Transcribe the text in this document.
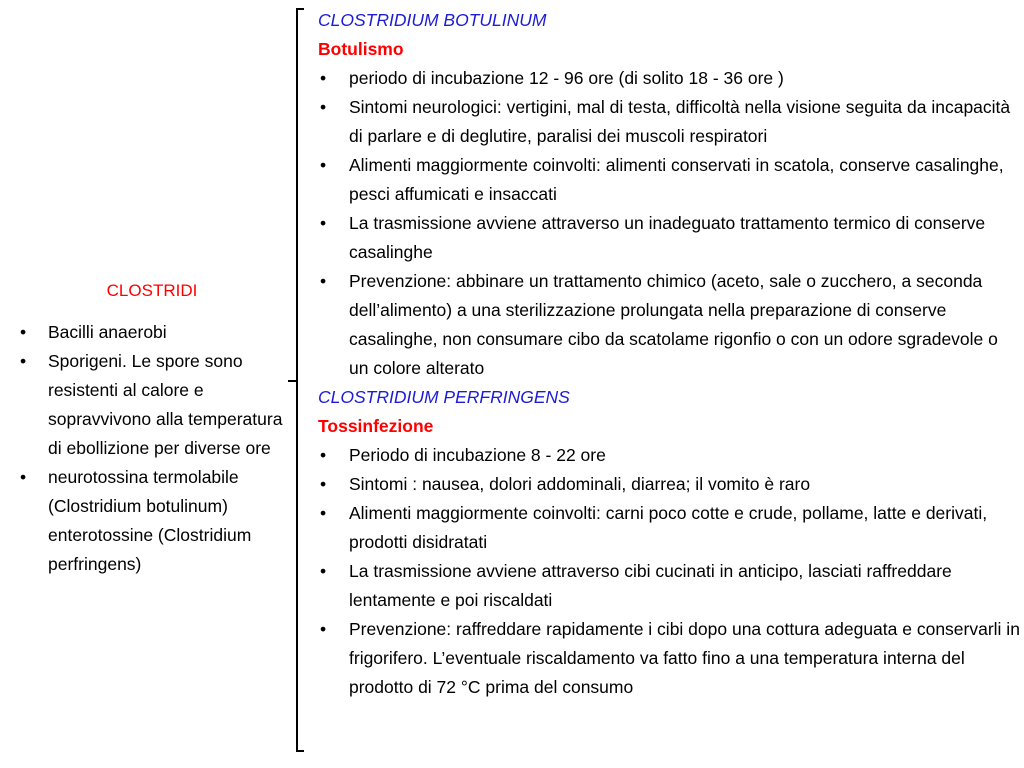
CLOSTRIDI

• Bacilli anaerobi
• Sporigeni. Le spore sono resistenti al calore e sopravvivono alla temperatura di ebollizione per diverse ore
• neurotossina termolabile (Clostridium botulinum) enterotossine (Clostridium perfringens)

CLOSTRIDIUM BOTULINUM

Botulismo

• periodo di incubazione 12 - 96 ore (di solito 18 - 36 ore )
• Sintomi neurologici: vertigini, mal di testa, difficoltà nella visione seguita da incapacità di parlare e di deglutire, paralisi dei muscoli respiratori
• Alimenti maggiormente coinvolti: alimenti conservati in scatola, conserve casalinghe, pesci affumicati e insaccati
• La trasmissione avviene attraverso un inadeguato trattamento termico di conserve casalinghe
• Prevenzione: abbinare un trattamento chimico (aceto, sale o zucchero, a seconda dell’alimento) a una sterilizzazione prolungata nella preparazione di conserve casalinghe, non consumare cibo da scatolame rigonfio o con un odore sgradevole o un colore alterato

CLOSTRIDIUM PERFRINGENS

Tossinfezione

• Periodo di incubazione 8 - 22 ore
• Sintomi : nausea, dolori addominali, diarrea; il vomito è raro
• Alimenti maggiormente coinvolti: carni poco cotte e crude, pollame, latte e derivati, prodotti disidratati
• La trasmissione avviene attraverso cibi cucinati in anticipo, lasciati raffreddare lentamente e poi riscaldati
• Prevenzione: raffreddare rapidamente i cibi dopo una cottura adeguata e conservarli in frigorifero. L’eventuale riscaldamento va fatto fino a una temperatura interna del prodotto di 72 °C prima del consumo
